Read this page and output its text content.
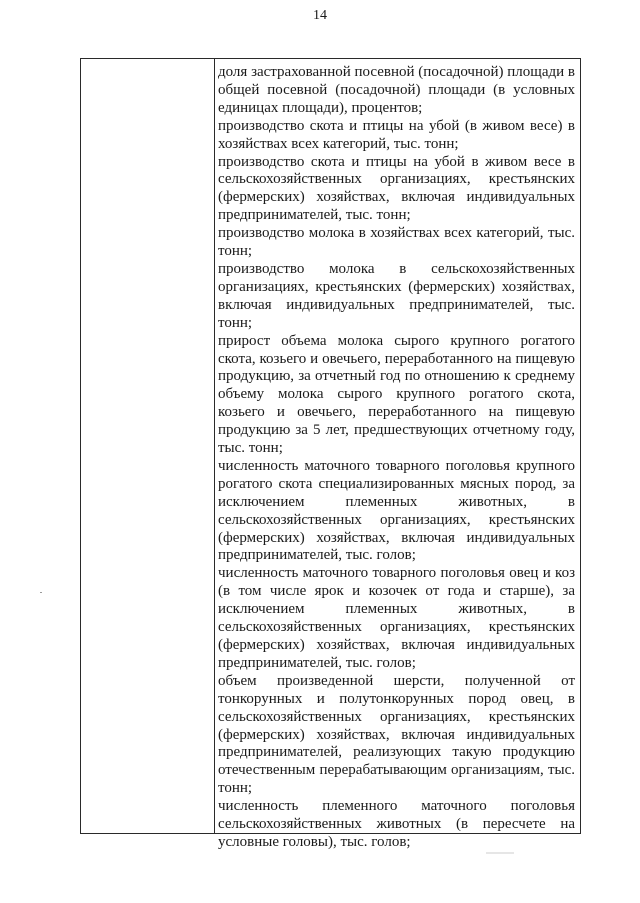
14

доля застрахованной посевной (посадочной) площади в общей посевной (посадочной) площади (в условных единицах площади), процентов;

производство скота и птицы на убой (в живом весе) в хозяйствах всех категорий, тыс. тонн;

производство скота и птицы на убой в живом весе в сельскохозяйственных организациях, крестьянских (фермерских) хозяйствах, включая индивидуальных предпринимателей, тыс. тонн;

производство молока в хозяйствах всех категорий, тыс. тонн;

производство молока в сельскохозяйственных организациях, крестьянских (фермерских) хозяйствах, включая индивидуальных предпринимателей, тыс. тонн;

прирост объема молока сырого крупного рогатого скота, козьего и овечьего, переработанного на пищевую продукцию, за отчетный год по отношению к среднему объему молока сырого крупного рогатого скота, козьего и овечьего, переработанного на пищевую продукцию за 5 лет, предшествующих отчетному году, тыс. тонн;

численность маточного товарного поголовья крупного рогатого скота специализированных мясных пород, за исключением племенных животных, в сельскохозяйственных организациях, крестьянских (фермерских) хозяйствах, включая индивидуальных предпринимателей, тыс. голов;

численность маточного товарного поголовья овец и коз (в том числе ярок и козочек от года и старше), за исключением племенных животных, в сельскохозяйственных организациях, крестьянских (фермерских) хозяйствах, включая индивидуальных предпринимателей, тыс. голов;

объем произведенной шерсти, полученной от тонкорунных и полутонкорунных пород овец, в сельскохозяйственных организациях, крестьянских (фермерских) хозяйствах, включая индивидуальных предпринимателей, реализующих такую продукцию отечественным перерабатывающим организациям, тыс. тонн;

численность племенного маточного поголовья сельскохозяйственных животных (в пересчете на условные головы), тыс. голов;
